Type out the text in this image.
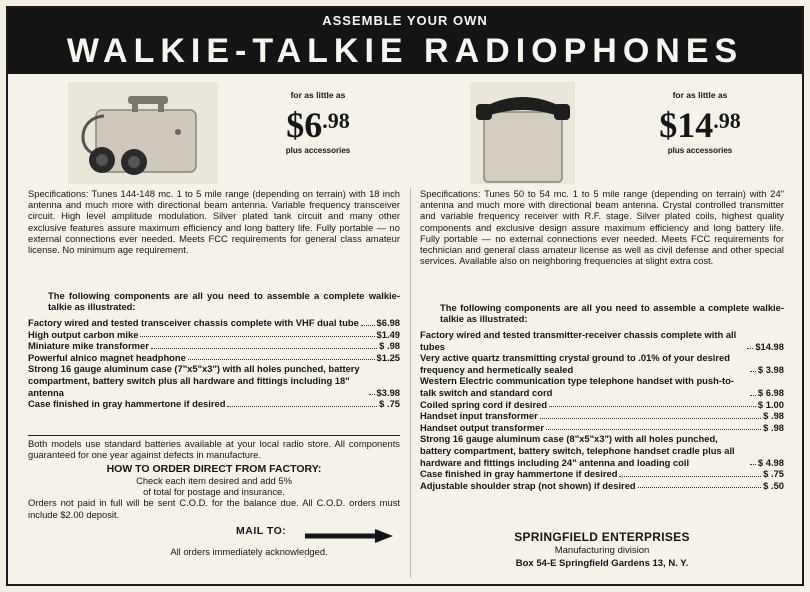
ASSEMBLE YOUR OWN
WALKIE-TALKIE RADIOPHONES
for as little as
$\$6^{.98}$
plus accessories
Specifications: Tunes 144-148 mc. 1 to 5 mile range (depending on terrain) with 18 inch antenna and much more with directional beam antenna. Variable frequency transceiver circuit. High level amplitude modulation. Silver plated tank circuit and many other exclusive features assure maximum efficiency and long battery life. Fully portable — no external connections ever needed. Meets FCC requirements for general class amateur license. No minimum age requirement.
The following components are all you need to assemble a complete walkie-talkie as illustrated:
Factory wired and tested transceiver chassis complete with VHF dual tube $6.98
High output carbon mike	$1.49
Miniature mike transformer	$ .98
Powerful alnico magnet headphone	$1.25
Strong 16 gauge aluminum case (7"x5"x3") with all holes punched, battery compartment, battery switch plus all hardware and fittings including 18" antenna	$3.98
Case finished in gray hammertone if desired	$ .75
Both models use standard batteries available at your local radio store. All components guaranteed for one year against defects in manufacture.
HOW TO ORDER DIRECT FROM FACTORY:
Check each item desired and add 5%
of total for postage and insurance.
Orders not paid in full will be sent C.O.D. for the balance due. All C.O.D. orders must include $2.00 deposit.
MAIL TO:
All orders immediately acknowledged.
for as little as
$\$14^{.98}$
plus accessories
Specifications: Tunes 50 to 54 mc. 1 to 5 mile range (depending on terrain) with 24" antenna and much more with directional beam antenna. Crystal controlled transmitter and variable frequency receiver with R.F. stage. Silver plated coils, highest quality components and exclusive design assure maximum efficiency and long battery life. Fully portable — no external connections ever needed. Meets FCC requirements for technician and general class amateur license as well as civil defense and other special services. Available also on neighboring frequencies at slight extra cost.
The following components are all you need to assemble a complete walkie-talkie as illustrated:
Factory wired and tested transmitter-receiver chassis complete with all tubes	$14.98
Very active quartz transmitting crystal ground to .01% of your desired frequency and hermetically sealed	$ 3.98
Western Electric communication type telephone handset with push-to-talk switch and standard cord	$ 6.98
Coiled spring cord if desired	$ 1.00
Handset input transformer	$ .98
Handset output transformer	$ .98
Strong 16 gauge aluminum case (8"x5"x3") with all holes punched, battery compartment, battery switch, telephone handset cradle plus all hardware and fittings including 24" antenna and loading coil	$ 4.98
Case finished in gray hammertone if desired	$ .75
Adjustable shoulder strap (not shown) if desired	$ .50
SPRINGFIELD ENTERPRISES
Manufacturing division
Box 54-E Springfield Gardens 13, N. Y.
